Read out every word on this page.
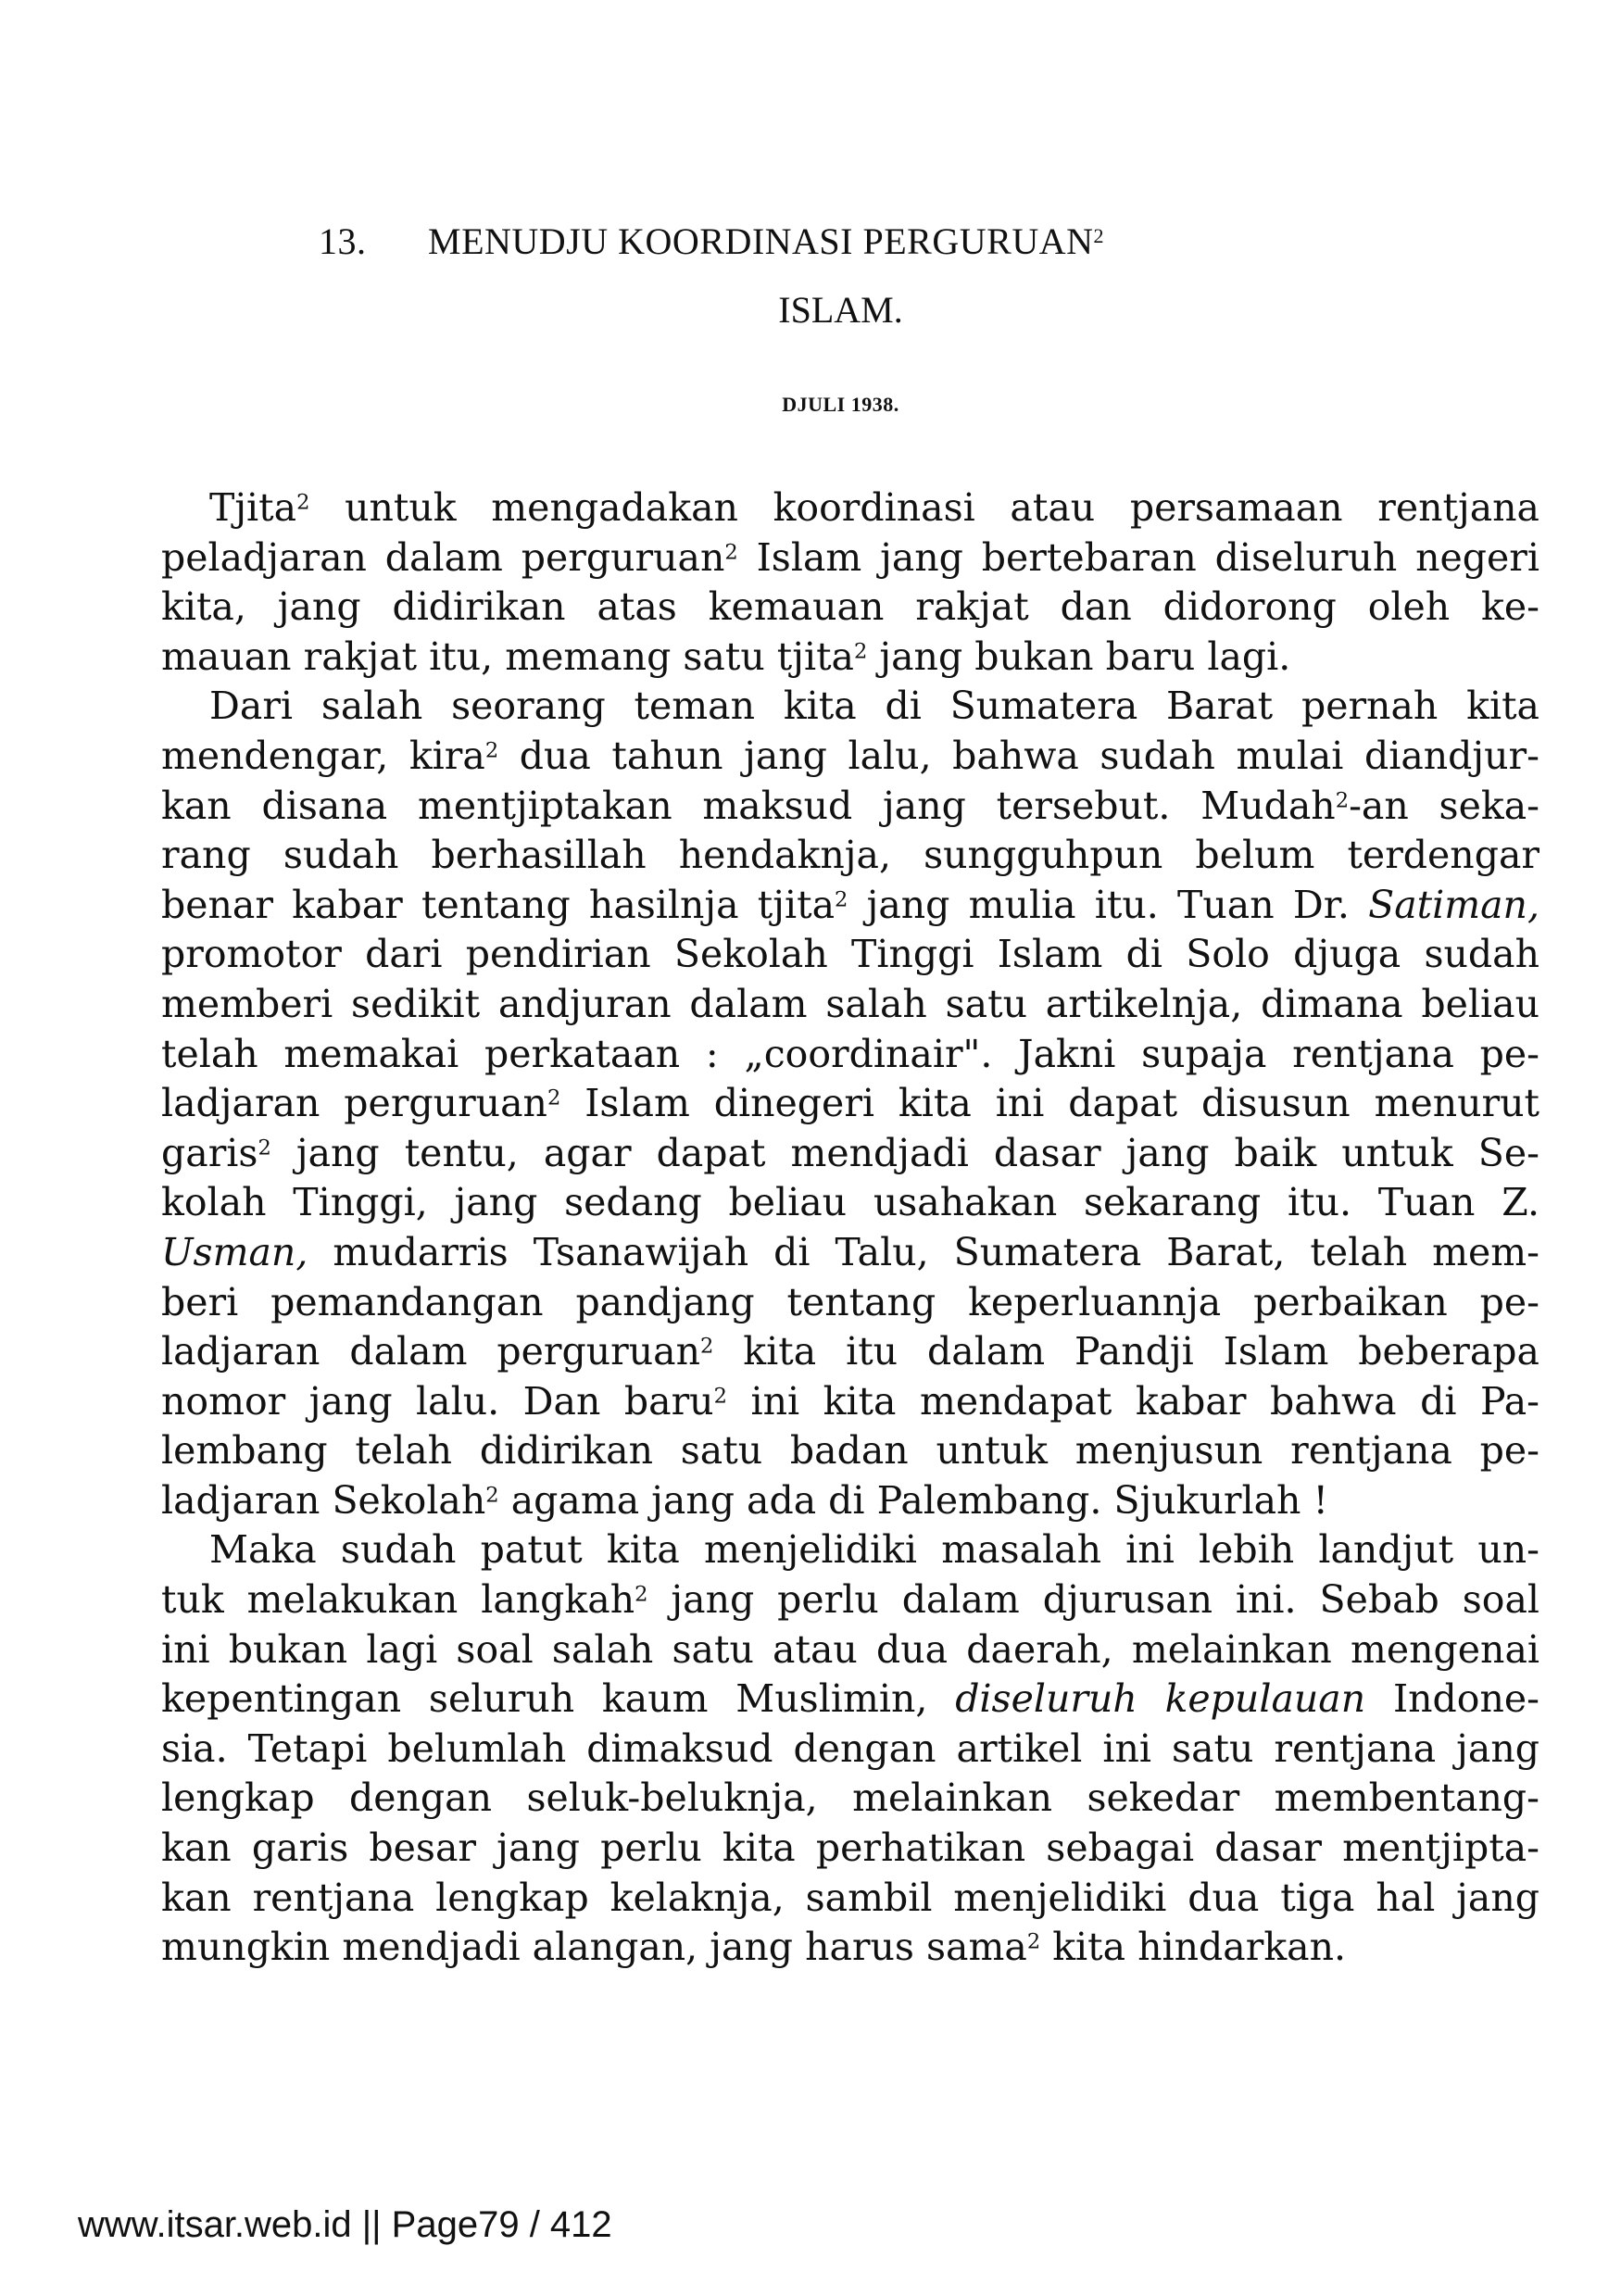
13. MENUDJU KOORDINASI PERGURUAN$^2$
ISLAM.
DJULI 1938.

Tjita$^2$ untuk mengadakan koordinasi atau persamaan rentjana
peladjaran dalam perguruan$^2$ Islam jang bertebaran diseluruh negeri
kita, jang didirikan atas kemauan rakjat dan didorong oleh ke-
mauan rakjat itu, memang satu tjita$^2$ jang bukan baru lagi.

Dari salah seorang teman kita di Sumatera Barat pernah kita
mendengar, kira$^2$ dua tahun jang lalu, bahwa sudah mulai diandjur-
kan disana mentjiptakan maksud jang tersebut. Mudah$^2$-an seka-
rang sudah berhasillah hendaknja, sungguhpun belum terdengar
benar kabar tentang hasilnja tjita$^2$ jang mulia itu. Tuan Dr. Satiman,
promotor dari pendirian Sekolah Tinggi Islam di Solo djuga sudah
memberi sedikit andjuran dalam salah satu artikelnja, dimana beliau
telah memakai perkataan : „coordinair". Jakni supaja rentjana pe-
ladjaran perguruan$^2$ Islam dinegeri kita ini dapat disusun menurut
garis$^2$ jang tentu, agar dapat mendjadi dasar jang baik untuk Se-
kolah Tinggi, jang sedang beliau usahakan sekarang itu. Tuan Z.
Usman, mudarris Tsanawijah di Talu, Sumatera Barat, telah mem-
beri pemandangan pandjang tentang keperluannja perbaikan pe-
ladjaran dalam perguruan$^2$ kita itu dalam Pandji Islam beberapa
nomor jang lalu. Dan baru$^2$ ini kita mendapat kabar bahwa di Pa-
lembang telah didirikan satu badan untuk menjusun rentjana pe-
ladjaran Sekolah$^2$ agama jang ada di Palembang. Sjukurlah !

Maka sudah patut kita menjelidiki masalah ini lebih landjut un-
tuk melakukan langkah$^2$ jang perlu dalam djurusan ini. Sebab soal
ini bukan lagi soal salah satu atau dua daerah, melainkan mengenai
kepentingan seluruh kaum Muslimin, diseluruh kepulauan Indone-
sia. Tetapi belumlah dimaksud dengan artikel ini satu rentjana jang
lengkap dengan seluk-beluknja, melainkan sekedar membentang-
kan garis besar jang perlu kita perhatikan sebagai dasar mentjipta-
kan rentjana lengkap kelaknja, sambil menjelidiki dua tiga hal jang
mungkin mendjadi alangan, jang harus sama$^2$ kita hindarkan.

www.itsar.web.id || Page79 / 412
